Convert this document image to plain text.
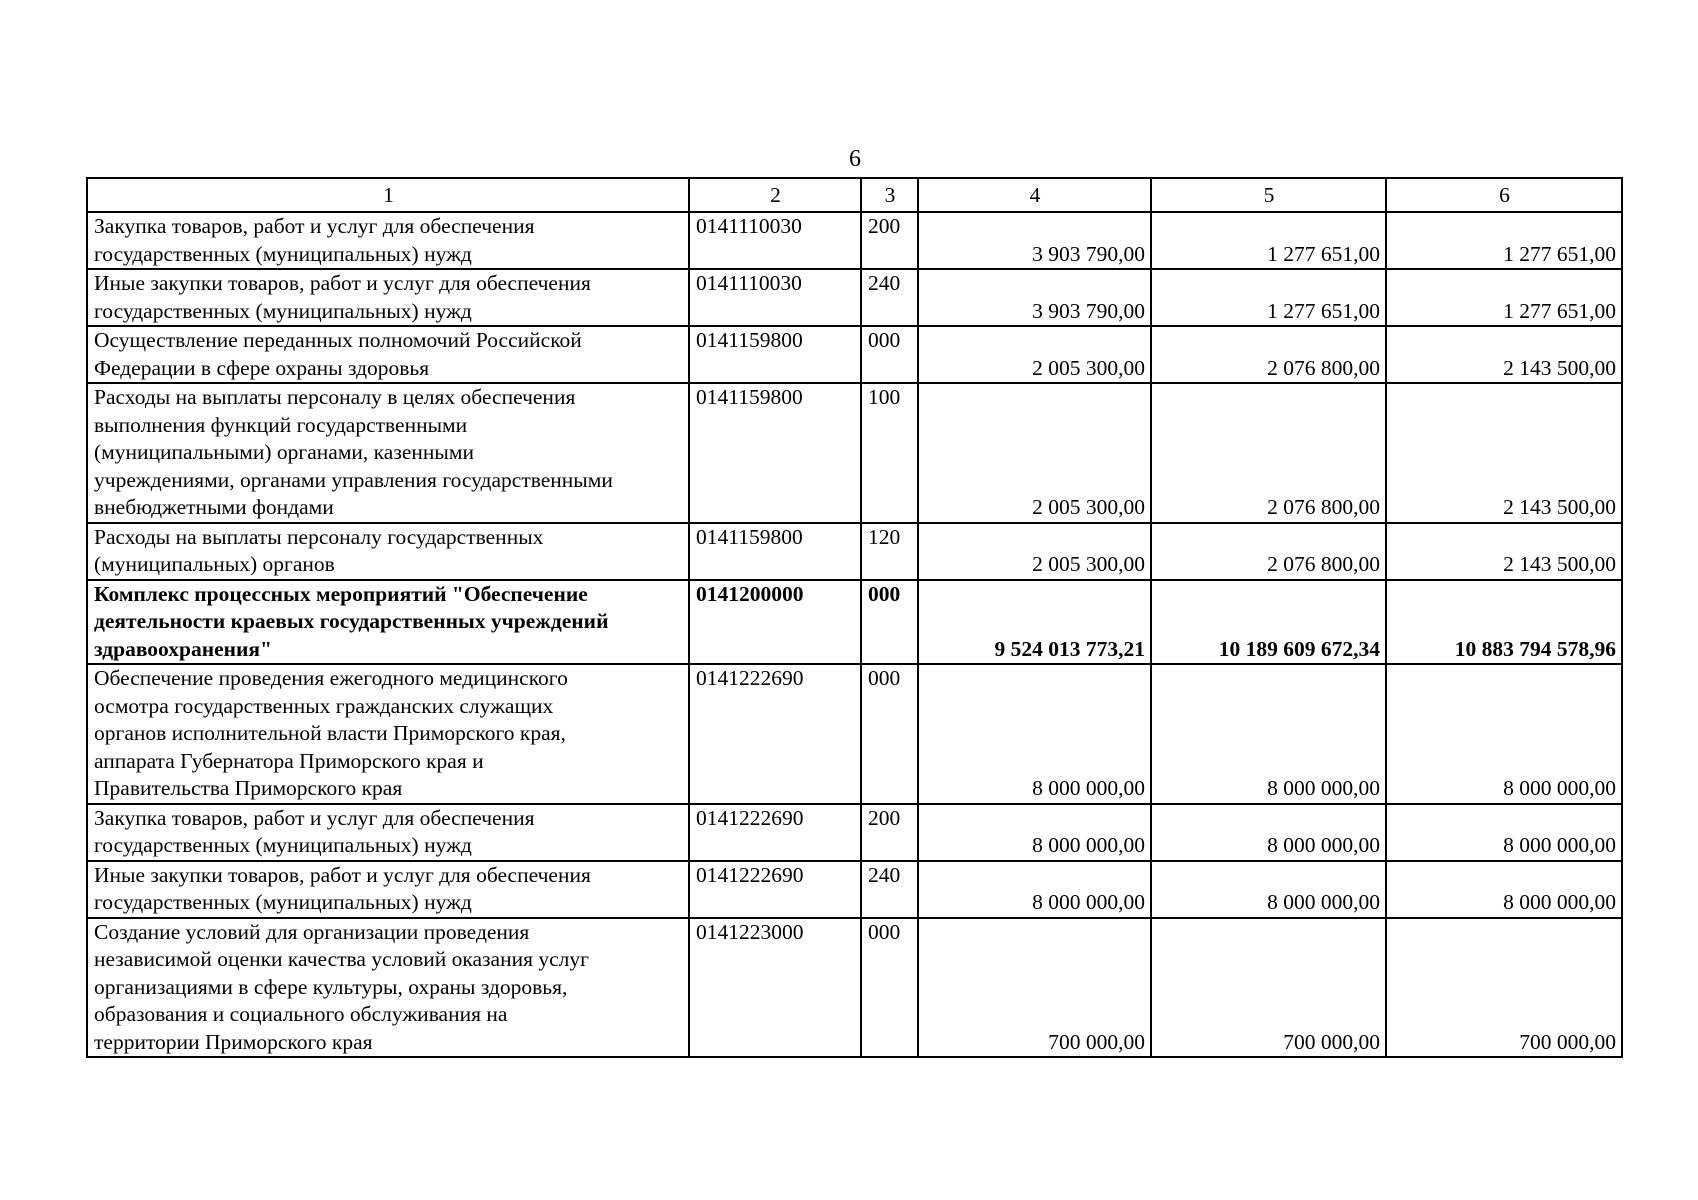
6
1	2	3	4	5	6

Закупка товаров, работ и услуг для обеспечения
государственных (муниципальных) нужд	0141110030	200	3 903 790,00	1 277 651,00	1 277 651,00

Иные закупки товаров, работ и услуг для обеспечения
государственных (муниципальных) нужд	0141110030	240	3 903 790,00	1 277 651,00	1 277 651,00

Осуществление переданных полномочий Российской
Федерации в сфере охраны здоровья	0141159800	000	2 005 300,00	2 076 800,00	2 143 500,00

Расходы на выплаты персоналу в целях обеспечения
выполнения функций государственными
(муниципальными) органами, казенными
учреждениями, органами управления государственными
внебюджетными фондами	0141159800	100	2 005 300,00	2 076 800,00	2 143 500,00

Расходы на выплаты персоналу государственных
(муниципальных) органов	0141159800	120	2 005 300,00	2 076 800,00	2 143 500,00

Комплекс процессных мероприятий "Обеспечение
деятельности краевых государственных учреждений
здравоохранения"	0141200000	000	9 524 013 773,21	10 189 609 672,34	10 883 794 578,96

Обеспечение проведения ежегодного медицинского
осмотра государственных гражданских служащих
органов исполнительной власти Приморского края,
аппарата Губернатора Приморского края и
Правительства Приморского края	0141222690	000	8 000 000,00	8 000 000,00	8 000 000,00

Закупка товаров, работ и услуг для обеспечения
государственных (муниципальных) нужд	0141222690	200	8 000 000,00	8 000 000,00	8 000 000,00

Иные закупки товаров, работ и услуг для обеспечения
государственных (муниципальных) нужд	0141222690	240	8 000 000,00	8 000 000,00	8 000 000,00

Создание условий для организации проведения
независимой оценки качества условий оказания услуг
организациями в сфере культуры, охраны здоровья,
образования и социального обслуживания на
территории Приморского края	0141223000	000	700 000,00	700 000,00	700 000,00
